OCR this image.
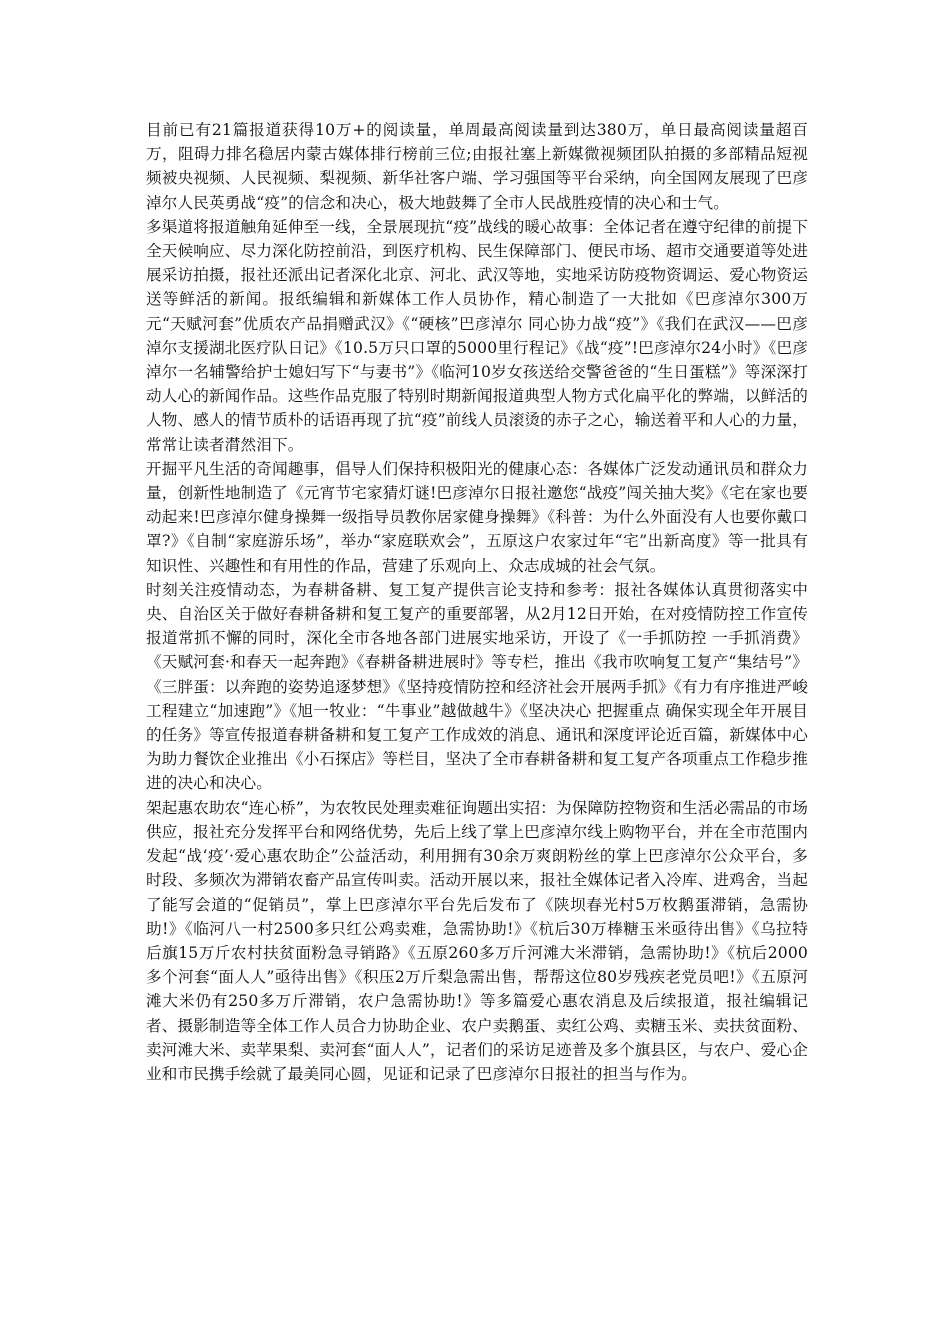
目前已有21篇报道获得10万+的阅读量，单周最高阅读量到达380万，单日最高阅读量超百万，阻碍力排名稳居内蒙古媒体排行榜前三位;由报社塞上新媒微视频团队拍摄的多部精品短视频被央视频、人民视频、梨视频、新华社客户端、学习强国等平台采纳，向全国网友展现了巴彦淖尔人民英勇战“疫”的信念和决心，极大地鼓舞了全市人民战胜疫情的决心和士气。

多渠道将报道触角延伸至一线，全景展现抗“疫”战线的暖心故事：全体记者在遵守纪律的前提下全天候响应、尽力深化防控前沿，到医疗机构、民生保障部门、便民市场、超市交通要道等处进展采访拍摄，报社还派出记者深化北京、河北、武汉等地，实地采访防疫物资调运、爱心物资运送等鲜活的新闻。报纸编辑和新媒体工作人员协作，精心制造了一大批如《巴彦淖尔300万元“天赋河套”优质农产品捐赠武汉》《“硬核”巴彦淖尔 同心协力战“疫”》《我们在武汉——巴彦淖尔支援湖北医疗队日记》《10.5万只口罩的5000里行程记》《战“疫”!巴彦淖尔24小时》《巴彦淖尔一名辅警给护士媳妇写下“与妻书”》《临河10岁女孩送给交警爸爸的“生日蛋糕”》等深深打动人心的新闻作品。这些作品克服了特别时期新闻报道典型人物方式化扁平化的弊端，以鲜活的人物、感人的情节质朴的话语再现了抗“疫”前线人员滚烫的赤子之心，输送着平和人心的力量，常常让读者潸然泪下。

开掘平凡生活的奇闻趣事，倡导人们保持积极阳光的健康心态：各媒体广泛发动通讯员和群众力量，创新性地制造了《元宵节宅家猜灯谜!巴彦淖尔日报社邀您“战疫”闯关抽大奖》《宅在家也要动起来!巴彦淖尔健身操舞一级指导员教你居家健身操舞》《科普：为什么外面没有人也要你戴口罩?》《自制“家庭游乐场”，举办“家庭联欢会”，五原这户农家过年“宅”出新高度》等一批具有知识性、兴趣性和有用性的作品，营建了乐观向上、众志成城的社会气氛。

时刻关注疫情动态，为春耕备耕、复工复产提供言论支持和参考：报社各媒体认真贯彻落实中央、自治区关于做好春耕备耕和复工复产的重要部署，从2月12日开始，在对疫情防控工作宣传报道常抓不懈的同时，深化全市各地各部门进展实地采访，开设了《一手抓防控 一手抓消费》《天赋河套·和春天一起奔跑》《春耕备耕进展时》等专栏，推出《我市吹响复工复产“集结号”》《三胖蛋：以奔跑的姿势追逐梦想》《坚持疫情防控和经济社会开展两手抓》《有力有序推进严峻工程建立“加速跑”》《旭一牧业：“牛事业”越做越牛》《坚决决心 把握重点 确保实现全年开展目的任务》等宣传报道春耕备耕和复工复产工作成效的消息、通讯和深度评论近百篇，新媒体中心为助力餐饮企业推出《小石探店》等栏目，坚决了全市春耕备耕和复工复产各项重点工作稳步推进的决心和决心。

架起惠农助农“连心桥”，为农牧民处理卖难征询题出实招：为保障防控物资和生活必需品的市场供应，报社充分发挥平台和网络优势，先后上线了掌上巴彦淖尔线上购物平台，并在全市范围内发起“战‘疫’·爱心惠农助企”公益活动，利用拥有30余万爽朗粉丝的掌上巴彦淖尔公众平台，多时段、多频次为滞销农畜产品宣传叫卖。活动开展以来，报社全媒体记者入冷库、进鸡舍，当起了能写会道的“促销员”，掌上巴彦淖尔平台先后发布了《陕坝春光村5万枚鹅蛋滞销，急需协助!》《临河八一村2500多只红公鸡卖难，急需协助!》《杭后30万棒糖玉米亟待出售》《乌拉特后旗15万斤农村扶贫面粉急寻销路》《五原260多万斤河滩大米滞销，急需协助!》《杭后2000多个河套“面人人”亟待出售》《积压2万斤梨急需出售，帮帮这位80岁残疾老党员吧!》《五原河滩大米仍有250多万斤滞销，农户急需协助!》等多篇爱心惠农消息及后续报道，报社编辑记者、摄影制造等全体工作人员合力协助企业、农户卖鹅蛋、卖红公鸡、卖糖玉米、卖扶贫面粉、卖河滩大米、卖苹果梨、卖河套“面人人”，记者们的采访足迹普及多个旗县区，与农户、爱心企业和市民携手绘就了最美同心圆，见证和记录了巴彦淖尔日报社的担当与作为。
